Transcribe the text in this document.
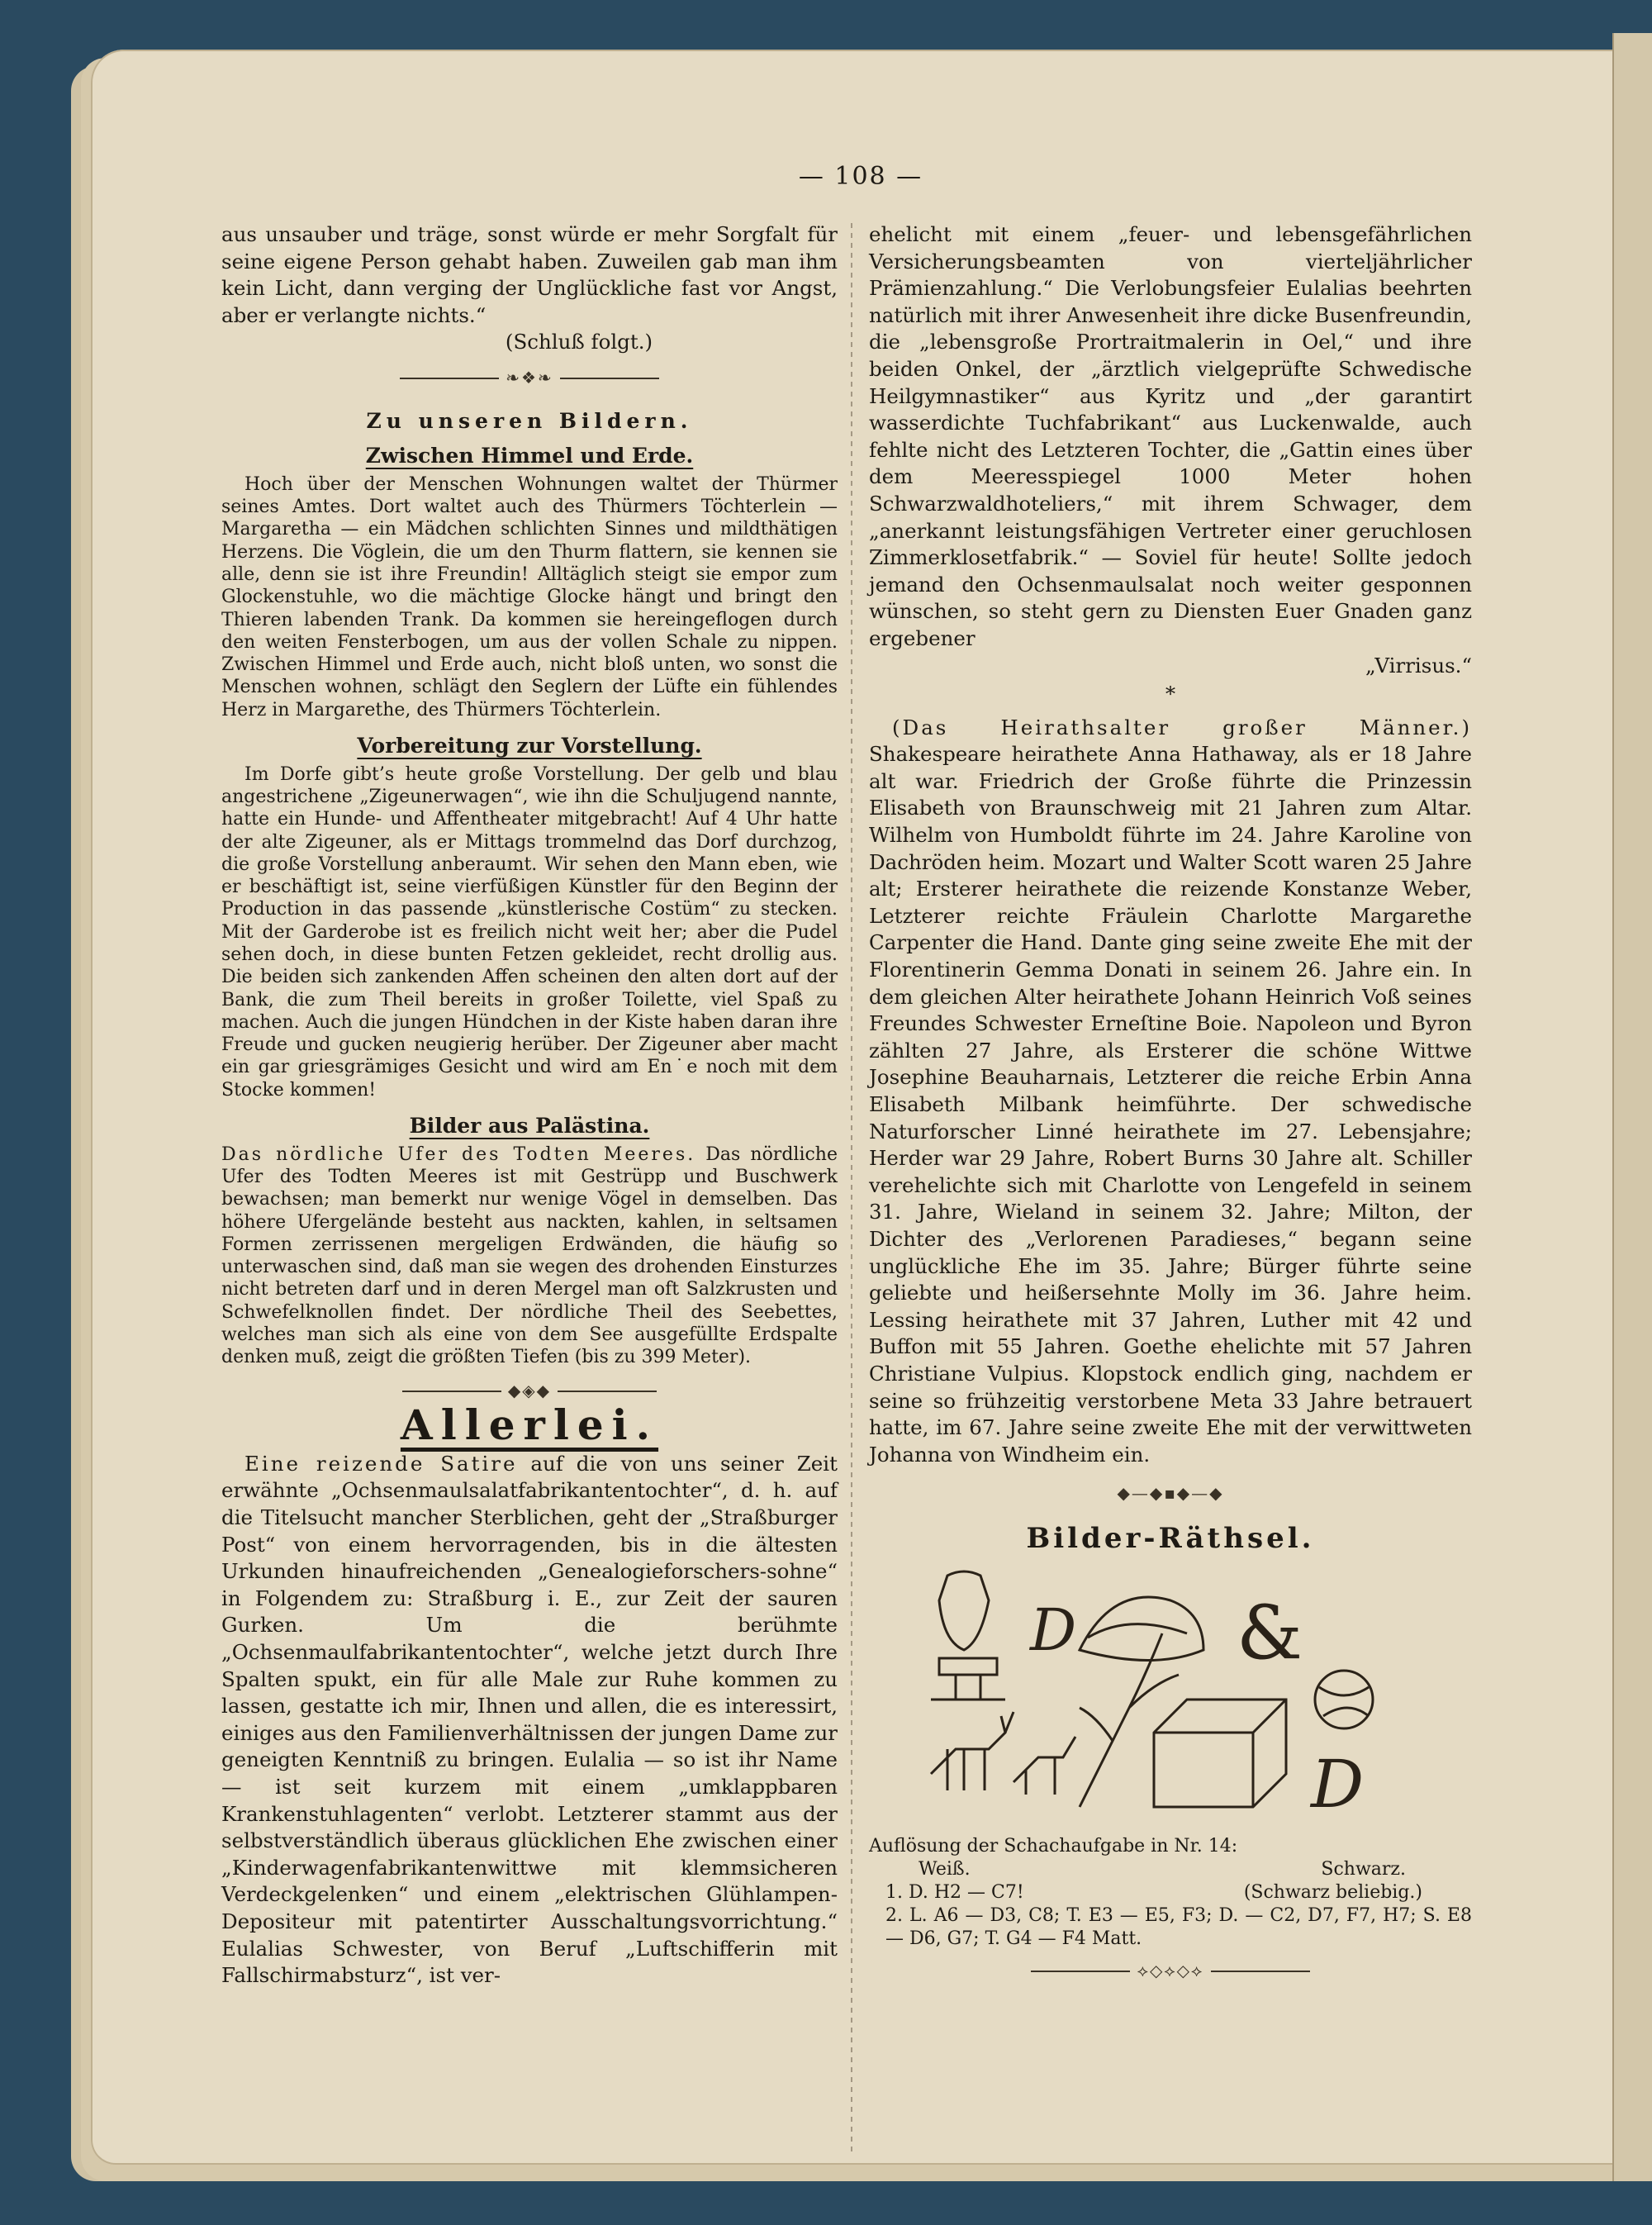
— 108 —

aus unsauber und träge, sonst würde er mehr Sorgfalt für seine eigene Person gehabt haben. Zuweilen gab man ihm kein Licht, dann verging der Unglückliche fast vor Angst, aber er verlangte nichts.“

(Schluß folgt.)

❧❖❧
Zu unseren Bildern.
Zwischen Himmel und Erde.

Hoch über der Menschen Wohnungen waltet der Thürmer seines Amtes. Dort waltet auch des Thürmers Töchterlein — Margaretha — ein Mädchen schlichten Sinnes und mildthätigen Herzens. Die Vöglein, die um den Thurm flattern, sie kennen sie alle, denn sie ist ihre Freundin! Alltäglich steigt sie empor zum Glockenstuhle, wo die mächtige Glocke hängt und bringt den Thieren labenden Trank. Da kommen sie hereingeflogen durch den weiten Fensterbogen, um aus der vollen Schale zu nippen. Zwischen Himmel und Erde auch, nicht bloß unten, wo sonst die Menschen wohnen, schlägt den Seglern der Lüfte ein fühlendes Herz in Margarethe, des Thürmers Töchterlein.

Vorbereitung zur Vorstellung.

Im Dorfe gibt’s heute große Vorstellung. Der gelb und blau angestrichene „Zigeunerwagen“, wie ihn die Schuljugend nannte, hatte ein Hunde- und Affentheater mitgebracht! Auf 4 Uhr hatte der alte Zigeuner, als er Mittags trommelnd das Dorf durchzog, die große Vorstellung anberaumt. Wir sehen den Mann eben, wie er beschäftigt ist, seine vierfüßigen Künstler für den Beginn der Production in das passende „künstlerische Costüm“ zu stecken. Mit der Garderobe ist es freilich nicht weit her; aber die Pudel sehen doch, in diese bunten Fetzen gekleidet, recht drollig aus. Die beiden sich zankenden Affen scheinen den alten dort auf der Bank, die zum Theil bereits in großer Toilette, viel Spaß zu machen. Auch die jungen Hündchen in der Kiste haben daran ihre Freude und gucken neugierig herüber. Der Zigeuner aber macht ein gar griesgrämiges Gesicht und wird am En˙e noch mit dem Stocke kommen!

Bilder aus Palästina.

Das nördliche Ufer des Todten Meeres. Das nördliche Ufer des Todten Meeres ist mit Gestrüpp und Buschwerk bewachsen; man bemerkt nur wenige Vögel in demselben. Das höhere Ufergelände besteht aus nackten, kahlen, in seltsamen Formen zerrissenen mergeligen Erdwänden, die häufig so unterwaschen sind, daß man sie wegen des drohenden Einsturzes nicht betreten darf und in deren Mergel man oft Salzkrusten und Schwefelknollen findet. Der nördliche Theil des Seebettes, welches man sich als eine von dem See ausgefüllte Erdspalte denken muß, zeigt die größten Tiefen (bis zu 399 Meter).

◆◈◆
Allerlei.

Eine reizende Satire auf die von uns seiner Zeit erwähnte „Ochsenmaulsalatfabrikantentochter“, d. h. auf die Titelsucht mancher Sterblichen, geht der „Straßburger Post“ von einem hervorragenden, bis in die ältesten Urkunden hinaufreichenden „Genealogieforschers-sohne“ in Folgendem zu: Straßburg i. E., zur Zeit der sauren Gurken. Um die berühmte „Ochsenmaulfabrikantentochter“, welche jetzt durch Ihre Spalten spukt, ein für alle Male zur Ruhe kommen zu lassen, gestatte ich mir, Ihnen und allen, die es interessirt, einiges aus den Familienverhältnissen der jungen Dame zur geneigten Kenntniß zu bringen. Eulalia — so ist ihr Name — ist seit kurzem mit einem „umklappbaren Krankenstuhlagenten“ verlobt. Letzterer stammt aus der selbstverständlich überaus glücklichen Ehe zwischen einer „Kinderwagenfabrikantenwittwe mit klemmsicheren Verdeckgelenken“ und einem „elektrischen Glühlampen-Depositeur mit patentirter Ausschaltungsvorrichtung.“ Eulalias Schwester, von Beruf „Luftschifferin mit Fallschirmabsturz“, ist ver-

ehelicht mit einem „feuer- und lebensgefährlichen Versicherungsbeamten von vierteljährlicher Prämienzahlung.“ Die Verlobungsfeier Eulalias beehrten natürlich mit ihrer Anwesenheit ihre dicke Busenfreundin, die „lebensgroße Prortraitmalerin in Oel,“ und ihre beiden Onkel, der „ärztlich vielgeprüfte Schwedische Heilgymnastiker“ aus Kyritz und „der garantirt wasserdichte Tuchfabrikant“ aus Luckenwalde, auch fehlte nicht des Letzteren Tochter, die „Gattin eines über dem Meeresspiegel 1000 Meter hohen Schwarzwaldhoteliers,“ mit ihrem Schwager, dem „anerkannt leistungsfähigen Vertreter einer geruchlosen Zimmerklosetfabrik.“ — Soviel für heute! Sollte jedoch jemand den Ochsenmaulsalat noch weiter gesponnen wünschen, so steht gern zu Diensten Euer Gnaden ganz ergebener

„Virrisus.“

*

(Das Heirathsalter großer Männer.) Shakespeare heirathete Anna Hathaway, als er 18 Jahre alt war. Friedrich der Große führte die Prinzessin Elisabeth von Braunschweig mit 21 Jahren zum Altar. Wilhelm von Humboldt führte im 24. Jahre Karoline von Dachröden heim. Mozart und Walter Scott waren 25 Jahre alt; Ersterer heirathete die reizende Konstanze Weber, Letzterer reichte Fräulein Charlotte Margarethe Carpenter die Hand. Dante ging seine zweite Ehe mit der Florentinerin Gemma Donati in seinem 26. Jahre ein. In dem gleichen Alter heirathete Johann Heinrich Voß seines Freundes Schwester Erneſtine Boie. Napoleon und Byron zählten 27 Jahre, als Ersterer die schöne Wittwe Josephine Beauharnais, Letzterer die reiche Erbin Anna Elisabeth Milbank heimführte. Der schwedische Naturforscher Linné heirathete im 27. Lebensjahre; Herder war 29 Jahre, Robert Burns 30 Jahre alt. Schiller verehelichte sich mit Charlotte von Lengefeld in seinem 31. Jahre, Wieland in seinem 32. Jahre; Milton, der Dichter des „Verlorenen Paradieses,“ begann seine unglückliche Ehe im 35. Jahre; Bürger führte seine geliebte und heißersehnte Molly im 36. Jahre heim. Lessing heirathete mit 37 Jahren, Luther mit 42 und Buffon mit 55 Jahren. Goethe ehelichte mit 57 Jahren Christiane Vulpius. Klopstock endlich ging, nachdem er seine so frühzeitig verstorbene Meta 33 Jahre betrauert hatte, im 67. Jahre seine zweite Ehe mit der verwittweten Johanna von Windheim ein.

◆—◆▪◆—◆
Bilder-Räthsel.
D &
D

Auflösung der Schachaufgabe in Nr. 14:

Weiß.	Schwarz.
1. D. H2 — C7!	(Schwarz beliebig.)

2. L. A6 — D3, C8; T. E3 — E5, F3; D. — C2, D7, F7, H7; S. E8 — D6, G7; T. G4 — F4 Matt.

⟡◇⟡◇⟡
